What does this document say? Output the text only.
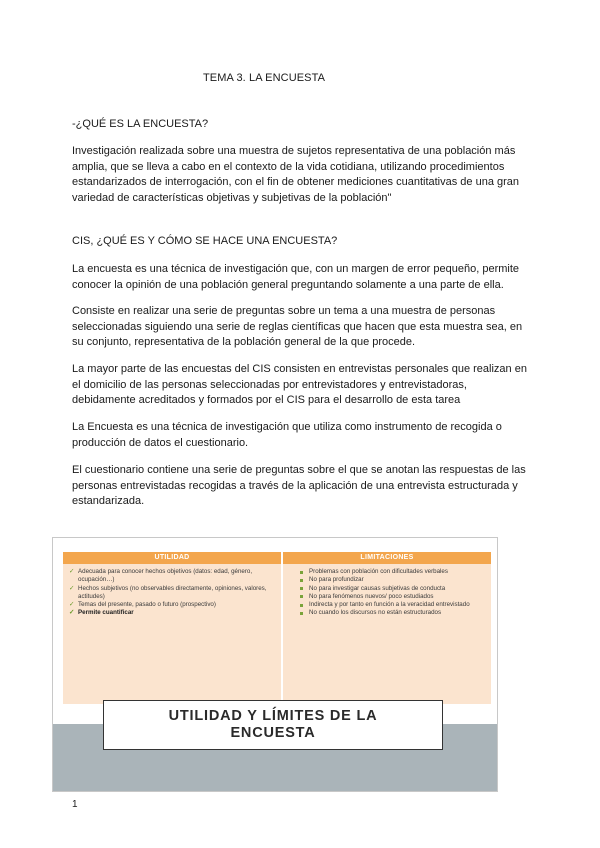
TEMA 3. LA ENCUESTA
-¿QUÉ ES LA ENCUESTA?
Investigación realizada sobre una muestra de sujetos representativa de una población más amplia, que se lleva a cabo en el contexto de la vida cotidiana, utilizando procedimientos estandarizados de interrogación, con el fin de obtener mediciones cuantitativas de una gran variedad de características objetivas y subjetivas de la población"
CIS, ¿QUÉ ES Y CÓMO SE HACE UNA ENCUESTA?
La encuesta es una técnica de investigación que, con un margen de error pequeño, permite conocer la opinión de una población general preguntando solamente a una parte de ella.
Consiste en realizar una serie de preguntas sobre un tema a una muestra de personas seleccionadas siguiendo una serie de reglas científicas que hacen que esta muestra sea, en su conjunto, representativa de la población general de la que procede.
La mayor parte de las encuestas del CIS consisten en entrevistas personales que realizan en el domicilio de las personas seleccionadas por entrevistadores y entrevistadoras, debidamente acreditados y formados por el CIS para el desarrollo de esta tarea
La Encuesta es una técnica de investigación que utiliza como instrumento de recogida o producción de datos el cuestionario.
El cuestionario contiene una serie de preguntas sobre el que se anotan las respuestas de las personas entrevistadas recogidas a través de la aplicación de una entrevista estructurada y estandarizada.
UTILIDAD
✓ Adecuada para conocer hechos objetivos (datos: edad, género, ocupación…)
✓ Hechos subjetivos (no observables directamente, opiniones, valores, actitudes)
✓ Temas del presente, pasado o futuro (prospectivo)
✓ Permite cuantificar
LIMITACIONES
Problemas con población con dificultades verbales
No para profundizar
No para investigar causas subjetivas de conducta
No para fenómenos nuevos/ poco estudiados
Indirecta y por tanto en función a la veracidad entrevistado
No cuando los discursos no están estructurados
UTILIDAD Y LÍMITES DE LA
ENCUESTA
1
